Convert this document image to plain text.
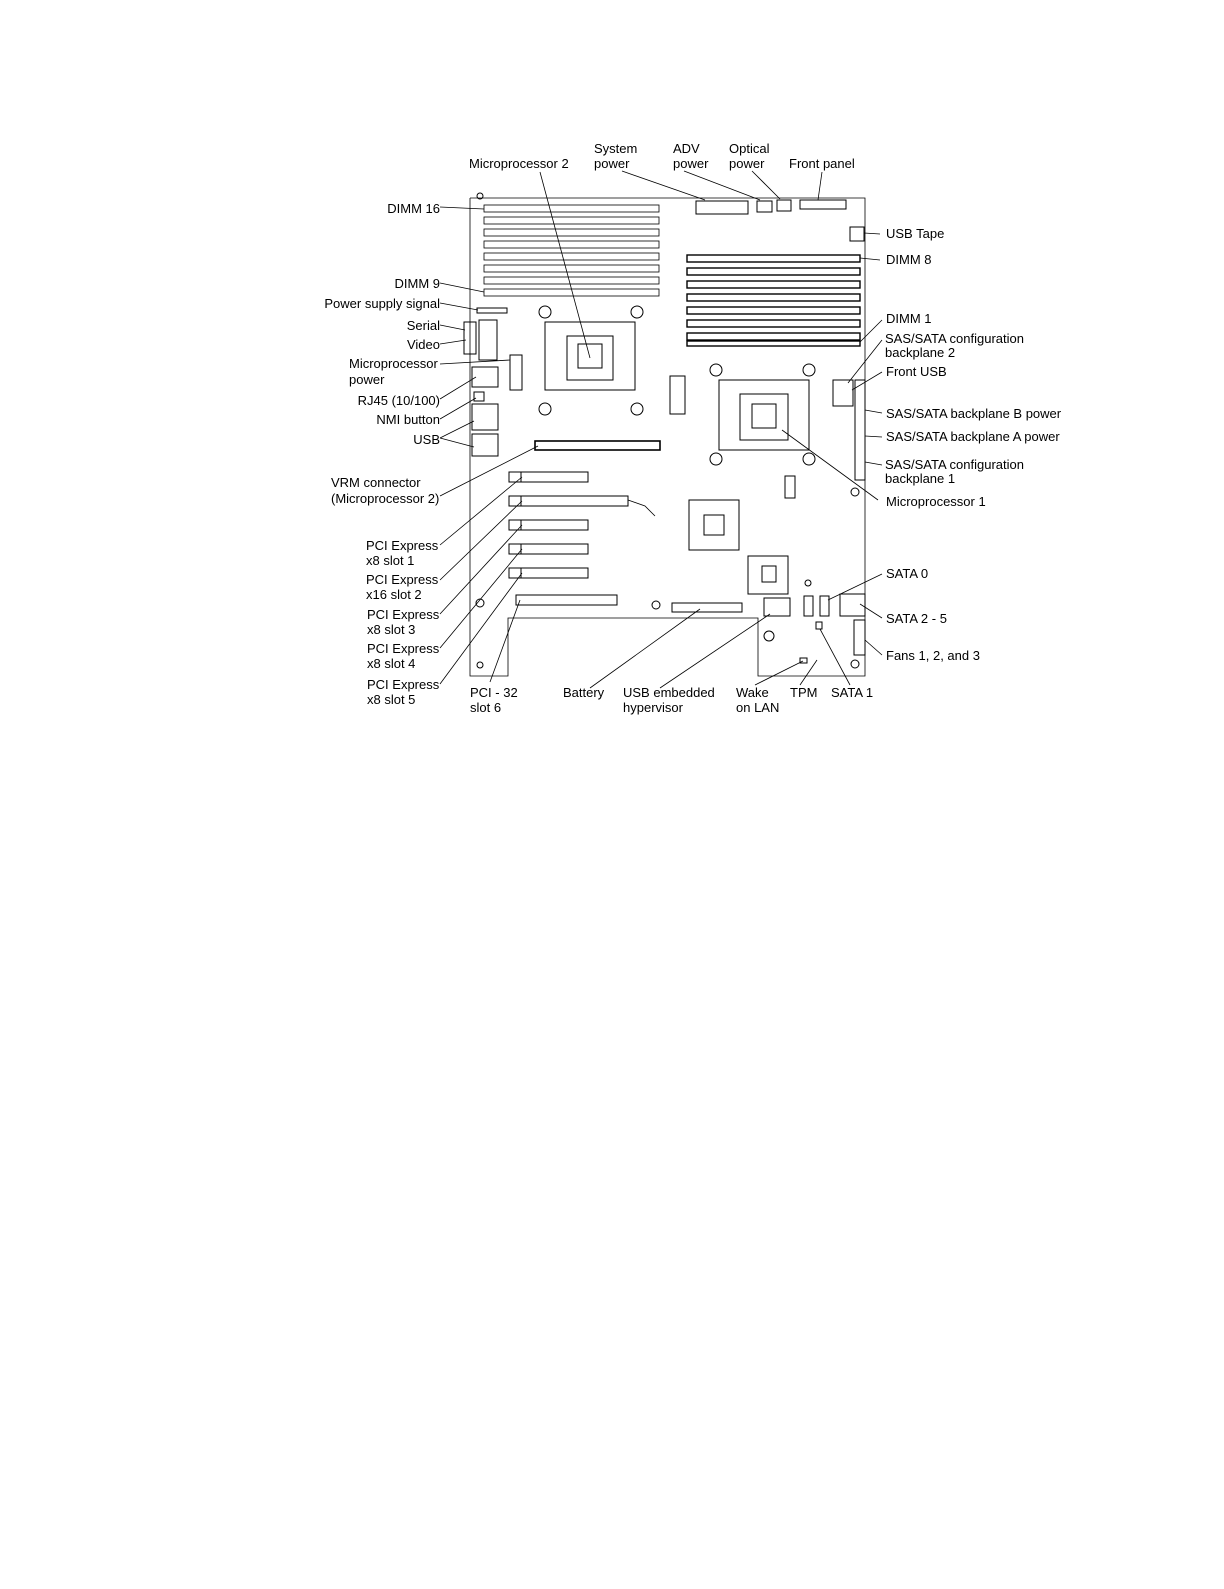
Microprocessor 2
System
power
ADV
power
Optical
power Front panel
DIMM 16
DIMM 9
Power supply signal
Serial
Video
Microprocessor
power
RJ45 (10/100)
NMI button
USB
VRM connector
(Microprocessor 2)
PCI Express
x8 slot 1
PCI Express
x16 slot 2
PCI Express
x8 slot 3
PCI Express
x8 slot 4
PCI Express
x8 slot 5
USB Tape
DIMM 8
DIMM 1
SAS/SATA configuration
backplane 2
Front USB
SAS/SATA backplane B power
SAS/SATA backplane A power
SAS/SATA configuration
backplane 1
Microprocessor 1
SATA 0
SATA 2 - 5
Fans 1, 2, and 3
PCI - 32
slot 6
Battery USB embedded
hypervisor
Wake
on LAN
TPM SATA 1
